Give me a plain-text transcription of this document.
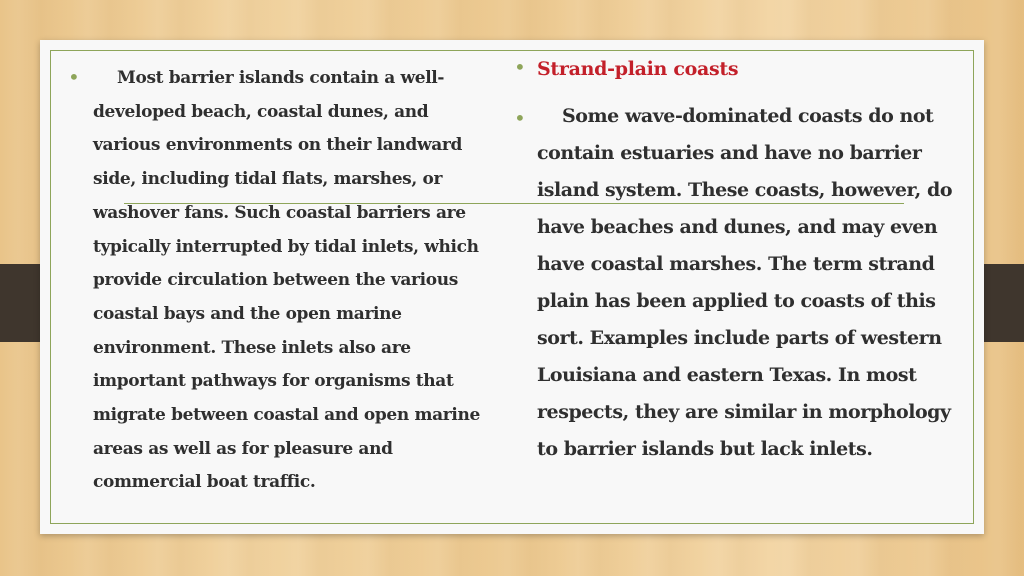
•	Most barrier islands contain a well-developed beach, coastal dunes, and various environments on their landward side, including tidal flats, marshes, or washover fans. Such coastal barriers are typically interrupted by tidal inlets, which provide circulation between the various coastal bays and the open marine environment. These inlets also are important pathways for organisms that migrate between coastal and open marine areas as well as for pleasure and commercial boat traffic.

• Strand-plain coasts
•	Some wave-dominated coasts do not contain estuaries and have no barrier island system. These coasts, however, do have beaches and dunes, and may even have coastal marshes. The term strand plain has been applied to coasts of this sort. Examples include parts of western Louisiana and eastern Texas. In most respects, they are similar in morphology to barrier islands but lack inlets.
